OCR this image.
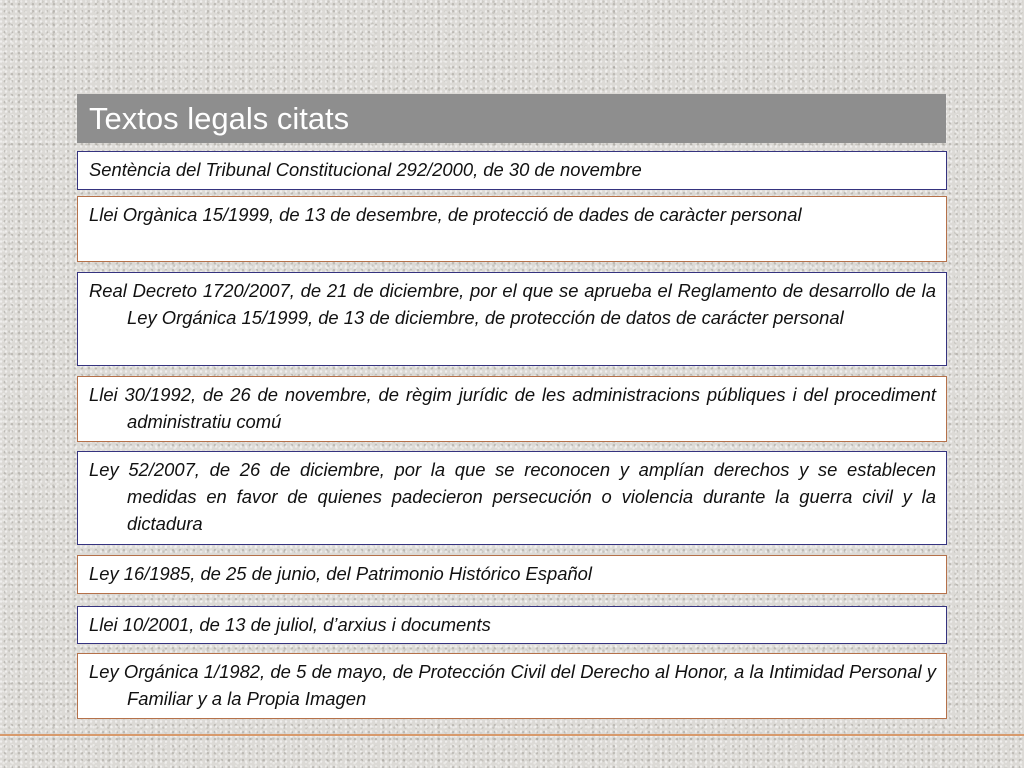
Textos legals citats
Sentència del Tribunal Constitucional 292/2000, de 30 de novembre
Llei Orgànica 15/1999, de 13 de desembre, de protecció de dades de caràcter personal
Real Decreto 1720/2007, de 21 de diciembre, por el que se aprueba el Reglamento de desarrollo de la Ley Orgánica 15/1999, de 13 de diciembre, de protección de datos de carácter personal
Llei 30/1992, de 26 de novembre, de règim jurídic de les administracions públiques i del procediment administratiu comú
Ley 52/2007, de 26 de diciembre, por la que se reconocen y amplían derechos y se establecen medidas en favor de quienes padecieron persecución o violencia durante la guerra civil y la dictadura
Ley 16/1985, de 25 de junio, del Patrimonio Histórico Español
Llei 10/2001, de 13 de juliol, d’arxius i documents
Ley Orgánica 1/1982, de 5 de mayo, de Protección Civil del Derecho al Honor, a la Intimidad Personal y Familiar y a la Propia Imagen
